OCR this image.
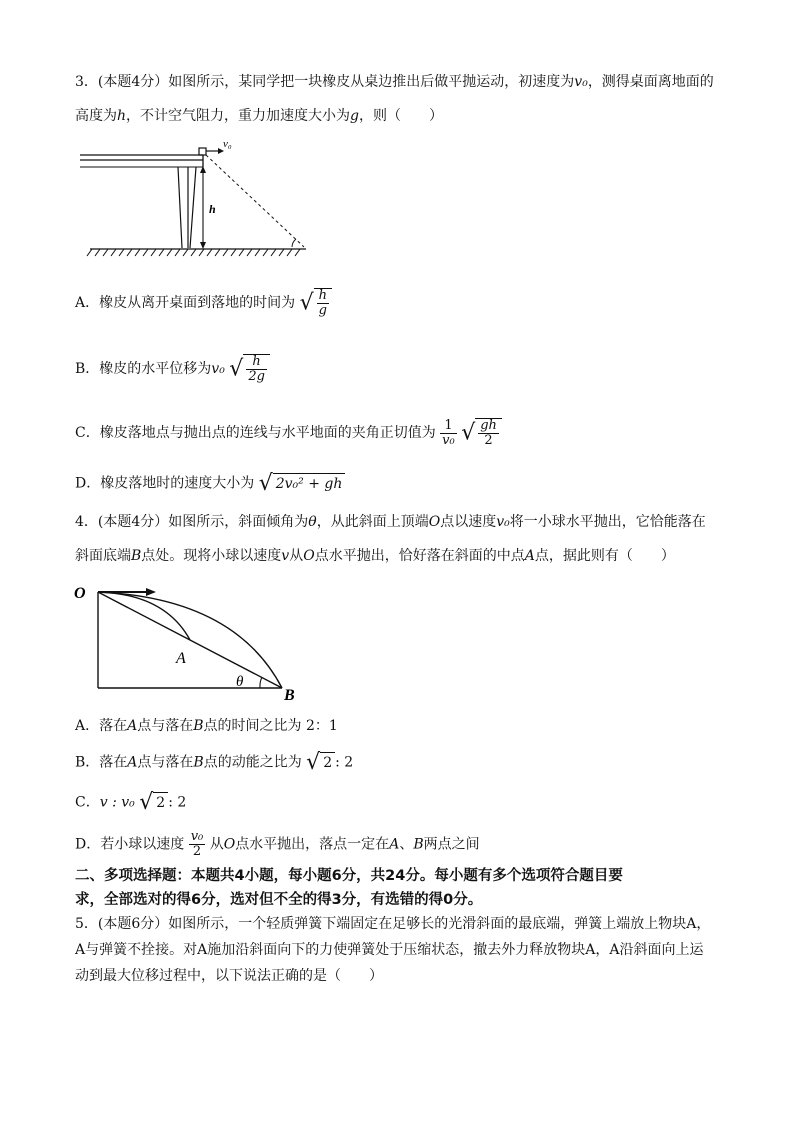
3．(本题4分）如图所示，某同学把一块橡皮从桌边推出后做平抛运动，初速度为v₀，测得桌面离地面的
高度为h，不计空气阻力，重力加速度大小为g，则（　　）
v₀
h
A．橡皮从离开桌面到落地的时间为 √ $\frac{h}{g}$
B．橡皮的水平位移为v₀ √ $\frac{h}{2g}$
C．橡皮落地点与抛出点的连线与水平地面的夹角正切值为 $\frac{1}{\text{v₀}}$ √ $\frac{gh}{2}$
D．橡皮落地时的速度大小为 √ 2v₀² + gh
4．(本题4分）如图所示，斜面倾角为θ，从此斜面上顶端O点以速度v₀将一小球水平抛出，它恰能落在
斜面底端B点处。现将小球以速度v从O点水平抛出，恰好落在斜面的中点A点，据此则有（　　）
O
A
θ
B
A．落在A点与落在B点的时间之比为 2：1
B．落在A点与落在B点的动能之比为 √ 2 : 2
C．v : v₀ √ 2 : 2
D．若小球以速度 $\frac{\text{v₀}}{2}$ 从O点水平抛出，落点一定在A、B两点之间
二、多项选择题：本题共4小题，每小题6分，共24分。每小题有多个选项符合题目要
求，全部选对的得6分，选对但不全的得3分，有选错的得0分。
5．(本题6分）如图所示，一个轻质弹簧下端固定在足够长的光滑斜面的最底端，弹簧上端放上物块A，
A与弹簧不拴接。对A施加沿斜面向下的力使弹簧处于压缩状态，撤去外力释放物块A，A沿斜面向上运
动到最大位移过程中，以下说法正确的是（　　）
